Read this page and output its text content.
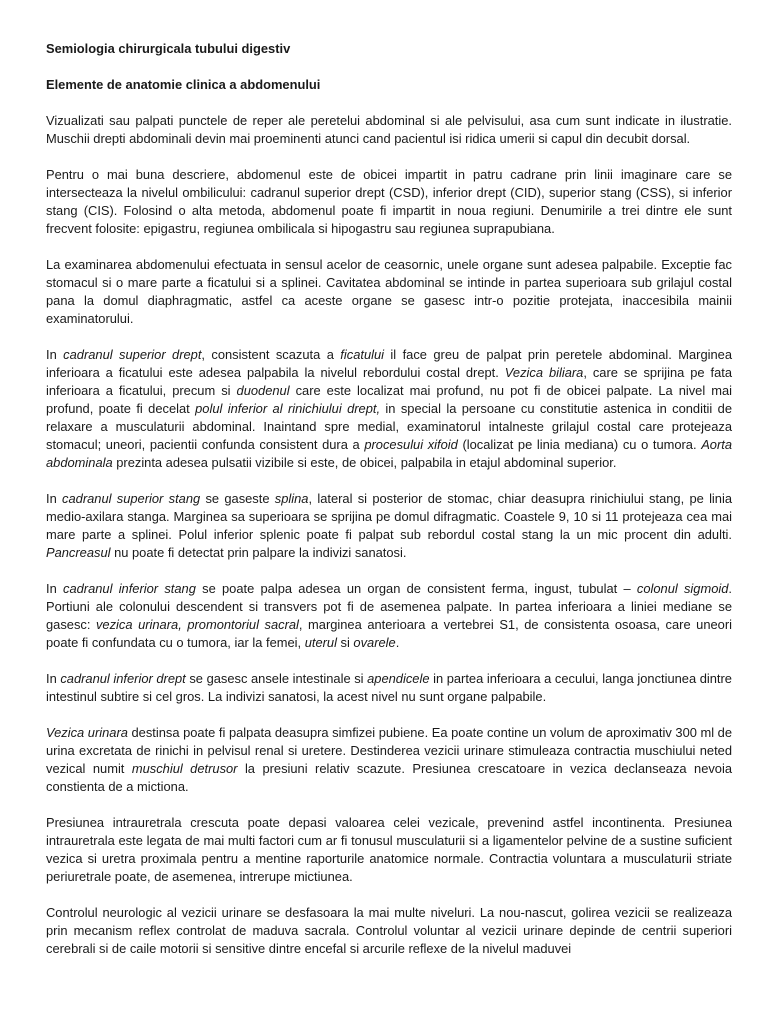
Semiologia chirurgicala tubului digestiv

Elemente de anatomie clinica a abdomenului

Vizualizati sau palpati punctele de reper ale peretelui abdominal si ale pelvisului, asa cum sunt indicate in ilustratie. Muschii drepti abdominali devin mai proeminenti atunci cand pacientul isi ridica umerii si capul din decubit dorsal.

Pentru o mai buna descriere, abdomenul este de obicei impartit in patru cadrane prin linii imaginare care se intersecteaza la nivelul ombilicului: cadranul superior drept (CSD), inferior drept (CID), superior stang (CSS), si inferior stang (CIS). Folosind o alta metoda, abdomenul poate fi impartit in noua regiuni. Denumirile a trei dintre ele sunt frecvent folosite: epigastru, regiunea ombilicala si hipogastru sau regiunea suprapubiana.

La examinarea abdomenului efectuata in sensul acelor de ceasornic, unele organe sunt adesea palpabile. Exceptie fac stomacul si o mare parte a ficatului si a splinei. Cavitatea abdominal se intinde in partea superioara sub grilajul costal pana la domul diaphragmatic, astfel ca aceste organe se gasesc intr-o pozitie protejata, inaccesibila mainii examinatorului.

In cadranul superior drept, consistent scazuta a ficatului il face greu de palpat prin peretele abdominal. Marginea inferioara a ficatului este adesea palpabila la nivelul rebordului costal drept. Vezica biliara, care se sprijina pe fata inferioara a ficatului, precum si duodenul care este localizat mai profund, nu pot fi de obicei palpate. La nivel mai profund, poate fi decelat polul inferior al rinichiului drept, in special la persoane cu constitutie astenica in conditii de relaxare a musculaturii abdominal. Inaintand spre medial, examinatorul intalneste grilajul costal care protejeaza stomacul; uneori, pacientii confunda consistent dura a procesului xifoid (localizat pe linia mediana) cu o tumora. Aorta abdominala prezinta adesea pulsatii vizibile si este, de obicei, palpabila in etajul abdominal superior.

In cadranul superior stang se gaseste splina, lateral si posterior de stomac, chiar deasupra rinichiului stang, pe linia medio-axilara stanga. Marginea sa superioara se sprijina pe domul difragmatic. Coastele 9, 10 si 11 protejeaza cea mai mare parte a splinei. Polul inferior splenic poate fi palpat sub rebordul costal stang la un mic procent din adulti. Pancreasul nu poate fi detectat prin palpare la indivizi sanatosi.

In cadranul inferior stang se poate palpa adesea un organ de consistent ferma, ingust, tubulat – colonul sigmoid. Portiuni ale colonului descendent si transvers pot fi de asemenea palpate. In partea inferioara a liniei mediane se gasesc: vezica urinara, promontoriul sacral, marginea anterioara a vertebrei S1, de consistenta osoasa, care uneori poate fi confundata cu o tumora, iar la femei, uterul si ovarele.

In cadranul inferior drept se gasesc ansele intestinale si apendicele in partea inferioara a cecului, langa jonctiunea dintre intestinul subtire si cel gros. La indivizi sanatosi, la acest nivel nu sunt organe palpabile.

Vezica urinara destinsa poate fi palpata deasupra simfizei pubiene. Ea poate contine un volum de aproximativ 300 ml de urina excretata de rinichi in pelvisul renal si uretere. Destinderea vezicii urinare stimuleaza contractia muschiului neted vezical numit muschiul detrusor la presiuni relativ scazute. Presiunea crescatoare in vezica declanseaza nevoia constienta de a mictiona.

Presiunea intrauretrala crescuta poate depasi valoarea celei vezicale, prevenind astfel incontinenta. Presiunea intrauretrala este legata de mai multi factori cum ar fi tonusul musculaturii si a ligamentelor pelvine de a sustine suficient vezica si uretra proximala pentru a mentine raporturile anatomice normale. Contractia voluntara a musculaturii striate periuretrale poate, de asemenea, intrerupe mictiunea.

Controlul neurologic al vezicii urinare se desfasoara la mai multe niveluri. La nou-nascut, golirea vezicii se realizeaza prin mecanism reflex controlat de maduva sacrala. Controlul voluntar al vezicii urinare depinde de centrii superiori cerebrali si de caile motorii si sensitive dintre encefal si arcurile reflexe de la nivelul maduvei
